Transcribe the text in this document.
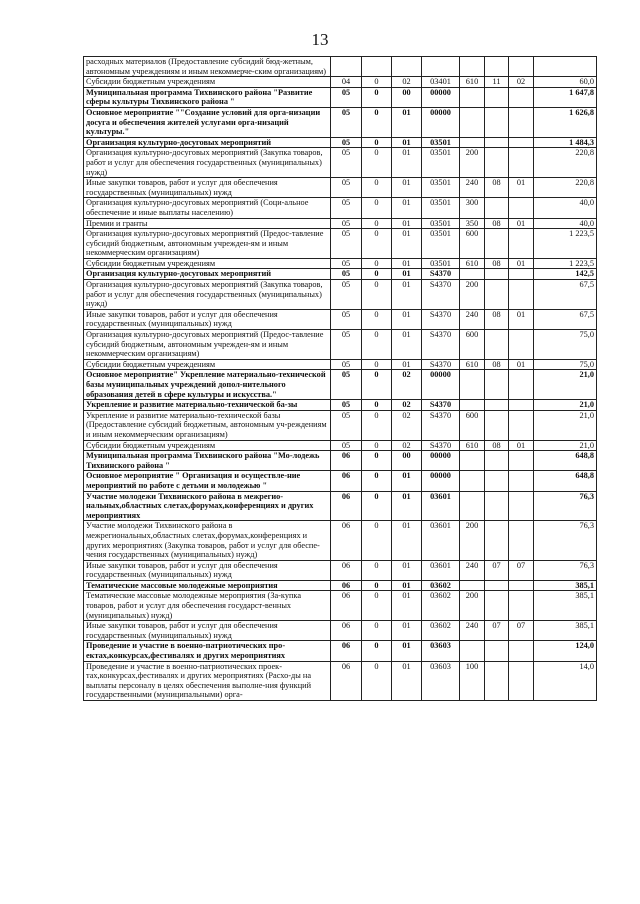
13
расходных материалов (Предоставление субсидий бюд-жетным, автономным учреждениям и иным некоммерче-ским организациям)								
Субсидии бюджетным учреждениям	04	0	02	03401	610	11	02	60,0
Муниципальная программа Тихвинского района "Развитие сферы культуры Тихвинского района "	05	0	00	00000				1 647,8
Основное мероприятие ""Создание условий для орга-низации досуга и обеспечения жителей услугами орга-низаций культуры."	05	0	01	00000				1 626,8
Организация культурно-досуговых мероприятий	05	0	01	03501				1 484,3
Организация культурно-досуговых мероприятий (Закупка товаров, работ и услуг для обеспечения государственных (муниципальных) нужд)	05	0	01	03501	200			220,8
Иные закупки товаров, работ и услуг для обеспечения государственных (муниципальных) нужд	05	0	01	03501	240	08	01	220,8
Организация культурно-досуговых мероприятий (Соци-альное обеспечение и иные выплаты населению)	05	0	01	03501	300			40,0
Премии и гранты	05	0	01	03501	350	08	01	40,0
Организация культурно-досуговых мероприятий (Предос-тавление субсидий бюджетным, автономным учрежден-ям и иным некоммерческим организациям)	05	0	01	03501	600			1 223,5
Субсидии бюджетным учреждениям	05	0	01	03501	610	08	01	1 223,5
Организация культурно-досуговых мероприятий	05	0	01	S4370				142,5
Организация культурно-досуговых мероприятий (Закупка товаров, работ и услуг для обеспечения государственных (муниципальных) нужд)	05	0	01	S4370	200			67,5
Иные закупки товаров, работ и услуг для обеспечения государственных (муниципальных) нужд	05	0	01	S4370	240	08	01	67,5
Организация культурно-досуговых мероприятий (Предос-тавление субсидий бюджетным, автономным учрежден-ям и иным некоммерческим организациям)	05	0	01	S4370	600			75,0
Субсидии бюджетным учреждениям	05	0	01	S4370	610	08	01	75,0
Основное мероприятие" Укрепление материально-технической базы муниципальных учреждений допол-нительного образования детей в сфере культуры и искусства."	05	0	02	00000				21,0
Укрепление и развитие материально-технической ба-зы	05	0	02	S4370				21,0
Укрепление и развитие материально-технической базы (Предоставление субсидий бюджетным, автономным уч-реждениям и иным некоммерческим организациям)	05	0	02	S4370	600			21,0
Субсидии бюджетным учреждениям	05	0	02	S4370	610	08	01	21,0
Муниципальная программа Тихвинского района "Мо-лодежь Тихвинского района "	06	0	00	00000				648,8
Основное мероприятие " Организация и осуществле-ние мероприятий по работе с детьми и молодежью "	06	0	01	00000				648,8
Участие молодежи Тихвинского района в межрегио-нальных,областных слетах,форумах,конференциях и других мероприятиях	06	0	01	03601				76,3
Участие молодежи Тихвинского района в межрегиональных,областных слетах,форумах,конференциях и других мероприятиях (Закупка товаров, работ и услуг для обеспе-чения государственных (муниципальных) нужд)	06	0	01	03601	200			76,3
Иные закупки товаров, работ и услуг для обеспечения государственных (муниципальных) нужд	06	0	01	03601	240	07	07	76,3
Тематические массовые молодежные мероприятия	06	0	01	03602				385,1
Тематические массовые молодежные мероприятия (За-купка товаров, работ и услуг для обеспечения государст-венных (муниципальных) нужд)	06	0	01	03602	200			385,1
Иные закупки товаров, работ и услуг для обеспечения государственных (муниципальных) нужд	06	0	01	03602	240	07	07	385,1
Проведение и участие в военно-патриотических про-ектах,конкурсах,фестивалях и других мероприятиях	06	0	01	03603				124,0
Проведение и участие в военно-патриотических проек-тах,конкурсах,фестивалях и других мероприятиях (Расхо-ды на выплаты персоналу в целях обеспечения выполне-ния функций государственными (муниципальными) орга-	06	0	01	03603	100			14,0
